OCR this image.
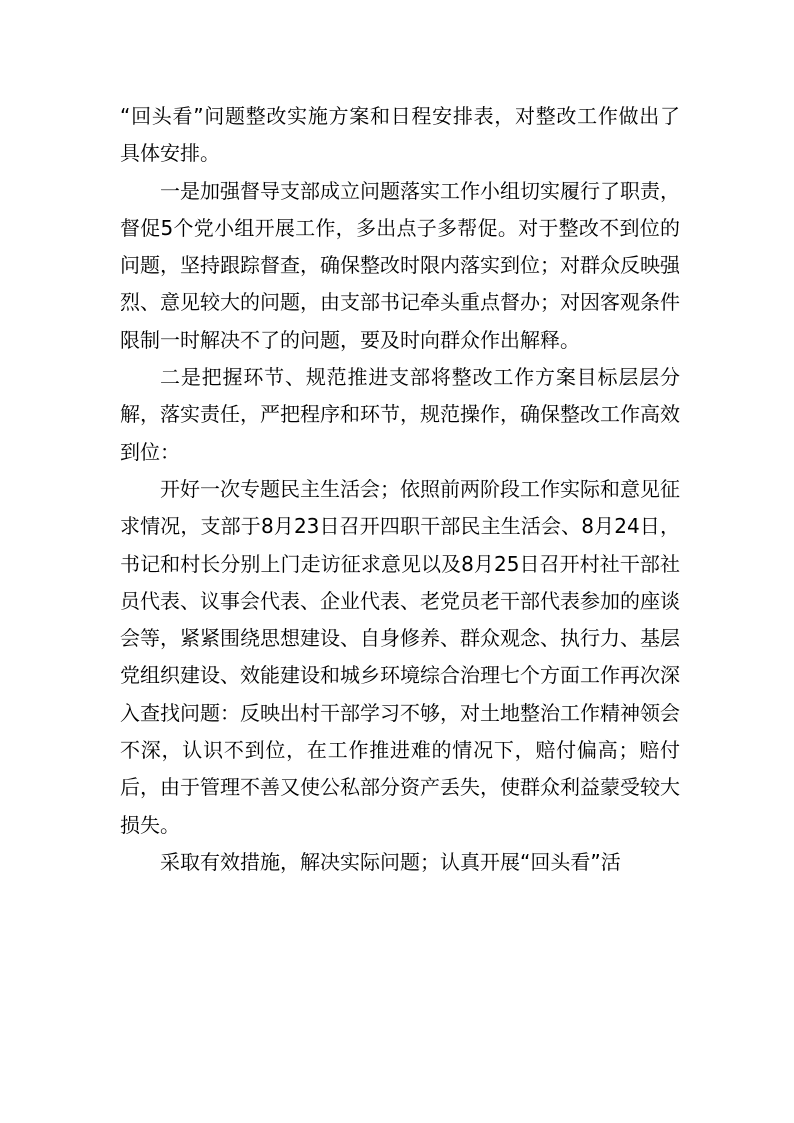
“回头看”问题整改实施方案和日程安排表，对整改工作做出了具体安排。

一是加强督导支部成立问题落实工作小组切实履行了职责，督促5个党小组开展工作，多出点子多帮促。对于整改不到位的问题，坚持跟踪督查，确保整改时限内落实到位；对群众反映强烈、意见较大的问题，由支部书记牵头重点督办；对因客观条件限制一时解决不了的问题，要及时向群众作出解释。

二是把握环节、规范推进支部将整改工作方案目标层层分解，落实责任，严把程序和环节，规范操作，确保整改工作高效到位：

开好一次专题民主生活会；依照前两阶段工作实际和意见征求情况，支部于8月23日召开四职干部民主生活会、8月24日，书记和村长分别上门走访征求意见以及8月25日召开村社干部社员代表、议事会代表、企业代表、老党员老干部代表参加的座谈会等，紧紧围绕思想建设、自身修养、群众观念、执行力、基层党组织建设、效能建设和城乡环境综合治理七个方面工作再次深入查找问题：反映出村干部学习不够，对土地整治工作精神领会不深，认识不到位，在工作推进难的情况下，赔付偏高；赔付后，由于管理不善又使公私部分资产丢失，使群众利益蒙受较大损失。

采取有效措施，解决实际问题；认真开展“回头看”活
